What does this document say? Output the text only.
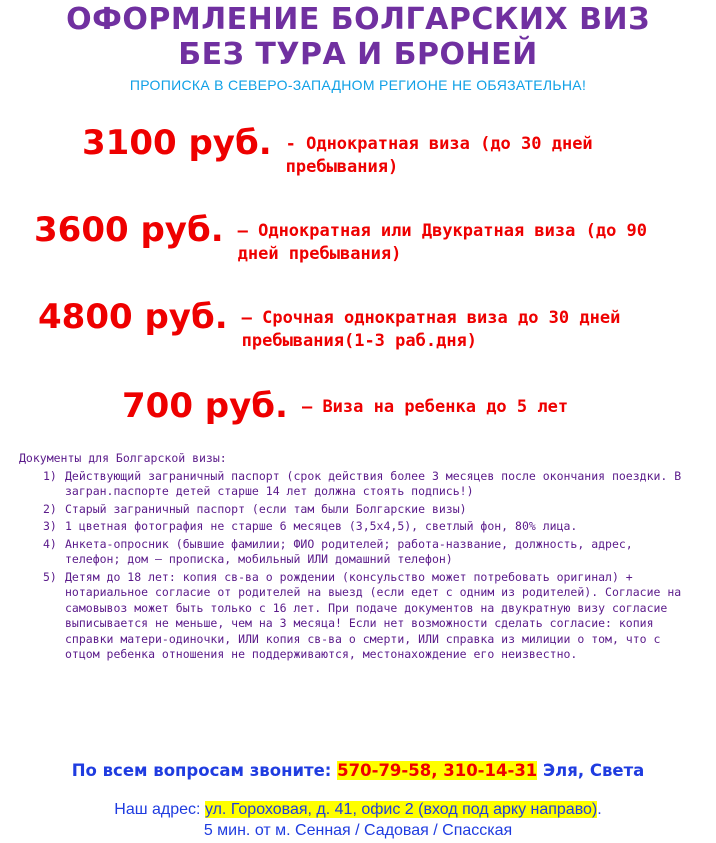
ОФОРМЛЕНИЕ БОЛГАРСКИХ ВИЗ
БЕЗ ТУРА И БРОНЕЙ
ПРОПИСКА В СЕВЕРО-ЗАПАДНОМ РЕГИОНЕ НЕ ОБЯЗАТЕЛЬНА!
3100 руб. - Однократная виза (до 30 дней пребывания)
3600 руб. – Однократная или Двукратная виза (до 90 дней пребывания)
4800 руб. – Срочная однократная виза до 30 дней пребывания(1-3 раб.дня)
700 руб. – Виза на ребенка до 5 лет
Документы для Болгарской визы:
1) Действующий заграничный паспорт (срок действия более 3 месяцев после окончания поездки. В загран.паспорте детей старше 14 лет должна стоять подпись!)
2) Старый заграничный паспорт (если там были Болгарские визы)
3) 1 цветная фотография не старше 6 месяцев (3,5х4,5), светлый фон, 80% лица.
4) Анкета-опросник (бывшие фамилии; ФИО родителей; работа-название, должность, адрес, телефон; дом – прописка, мобильный ИЛИ домашний телефон)
5) Детям до 18 лет: копия св-ва о рождении (консульство может потребовать оригинал) + нотариальное согласие от родителей на выезд (если едет с одним из родителей). Согласие на самовывоз может быть только с 16 лет. При подаче документов на двукратную визу согласие выписывается не меньше, чем на 3 месяца! Если нет возможности сделать согласие: копия справки матери-одиночки, ИЛИ копия св-ва о смерти, ИЛИ справка из милиции о том, что с отцом ребенка отношения не поддерживаются, местонахождение его неизвестно.
По всем вопросам звоните: 570-79-58, 310-14-31 Эля, Света
Наш адрес: ул. Гороховая, д. 41, офис 2 (вход под арку направо).
5 мин. от м. Сенная / Садовая / Спасская
